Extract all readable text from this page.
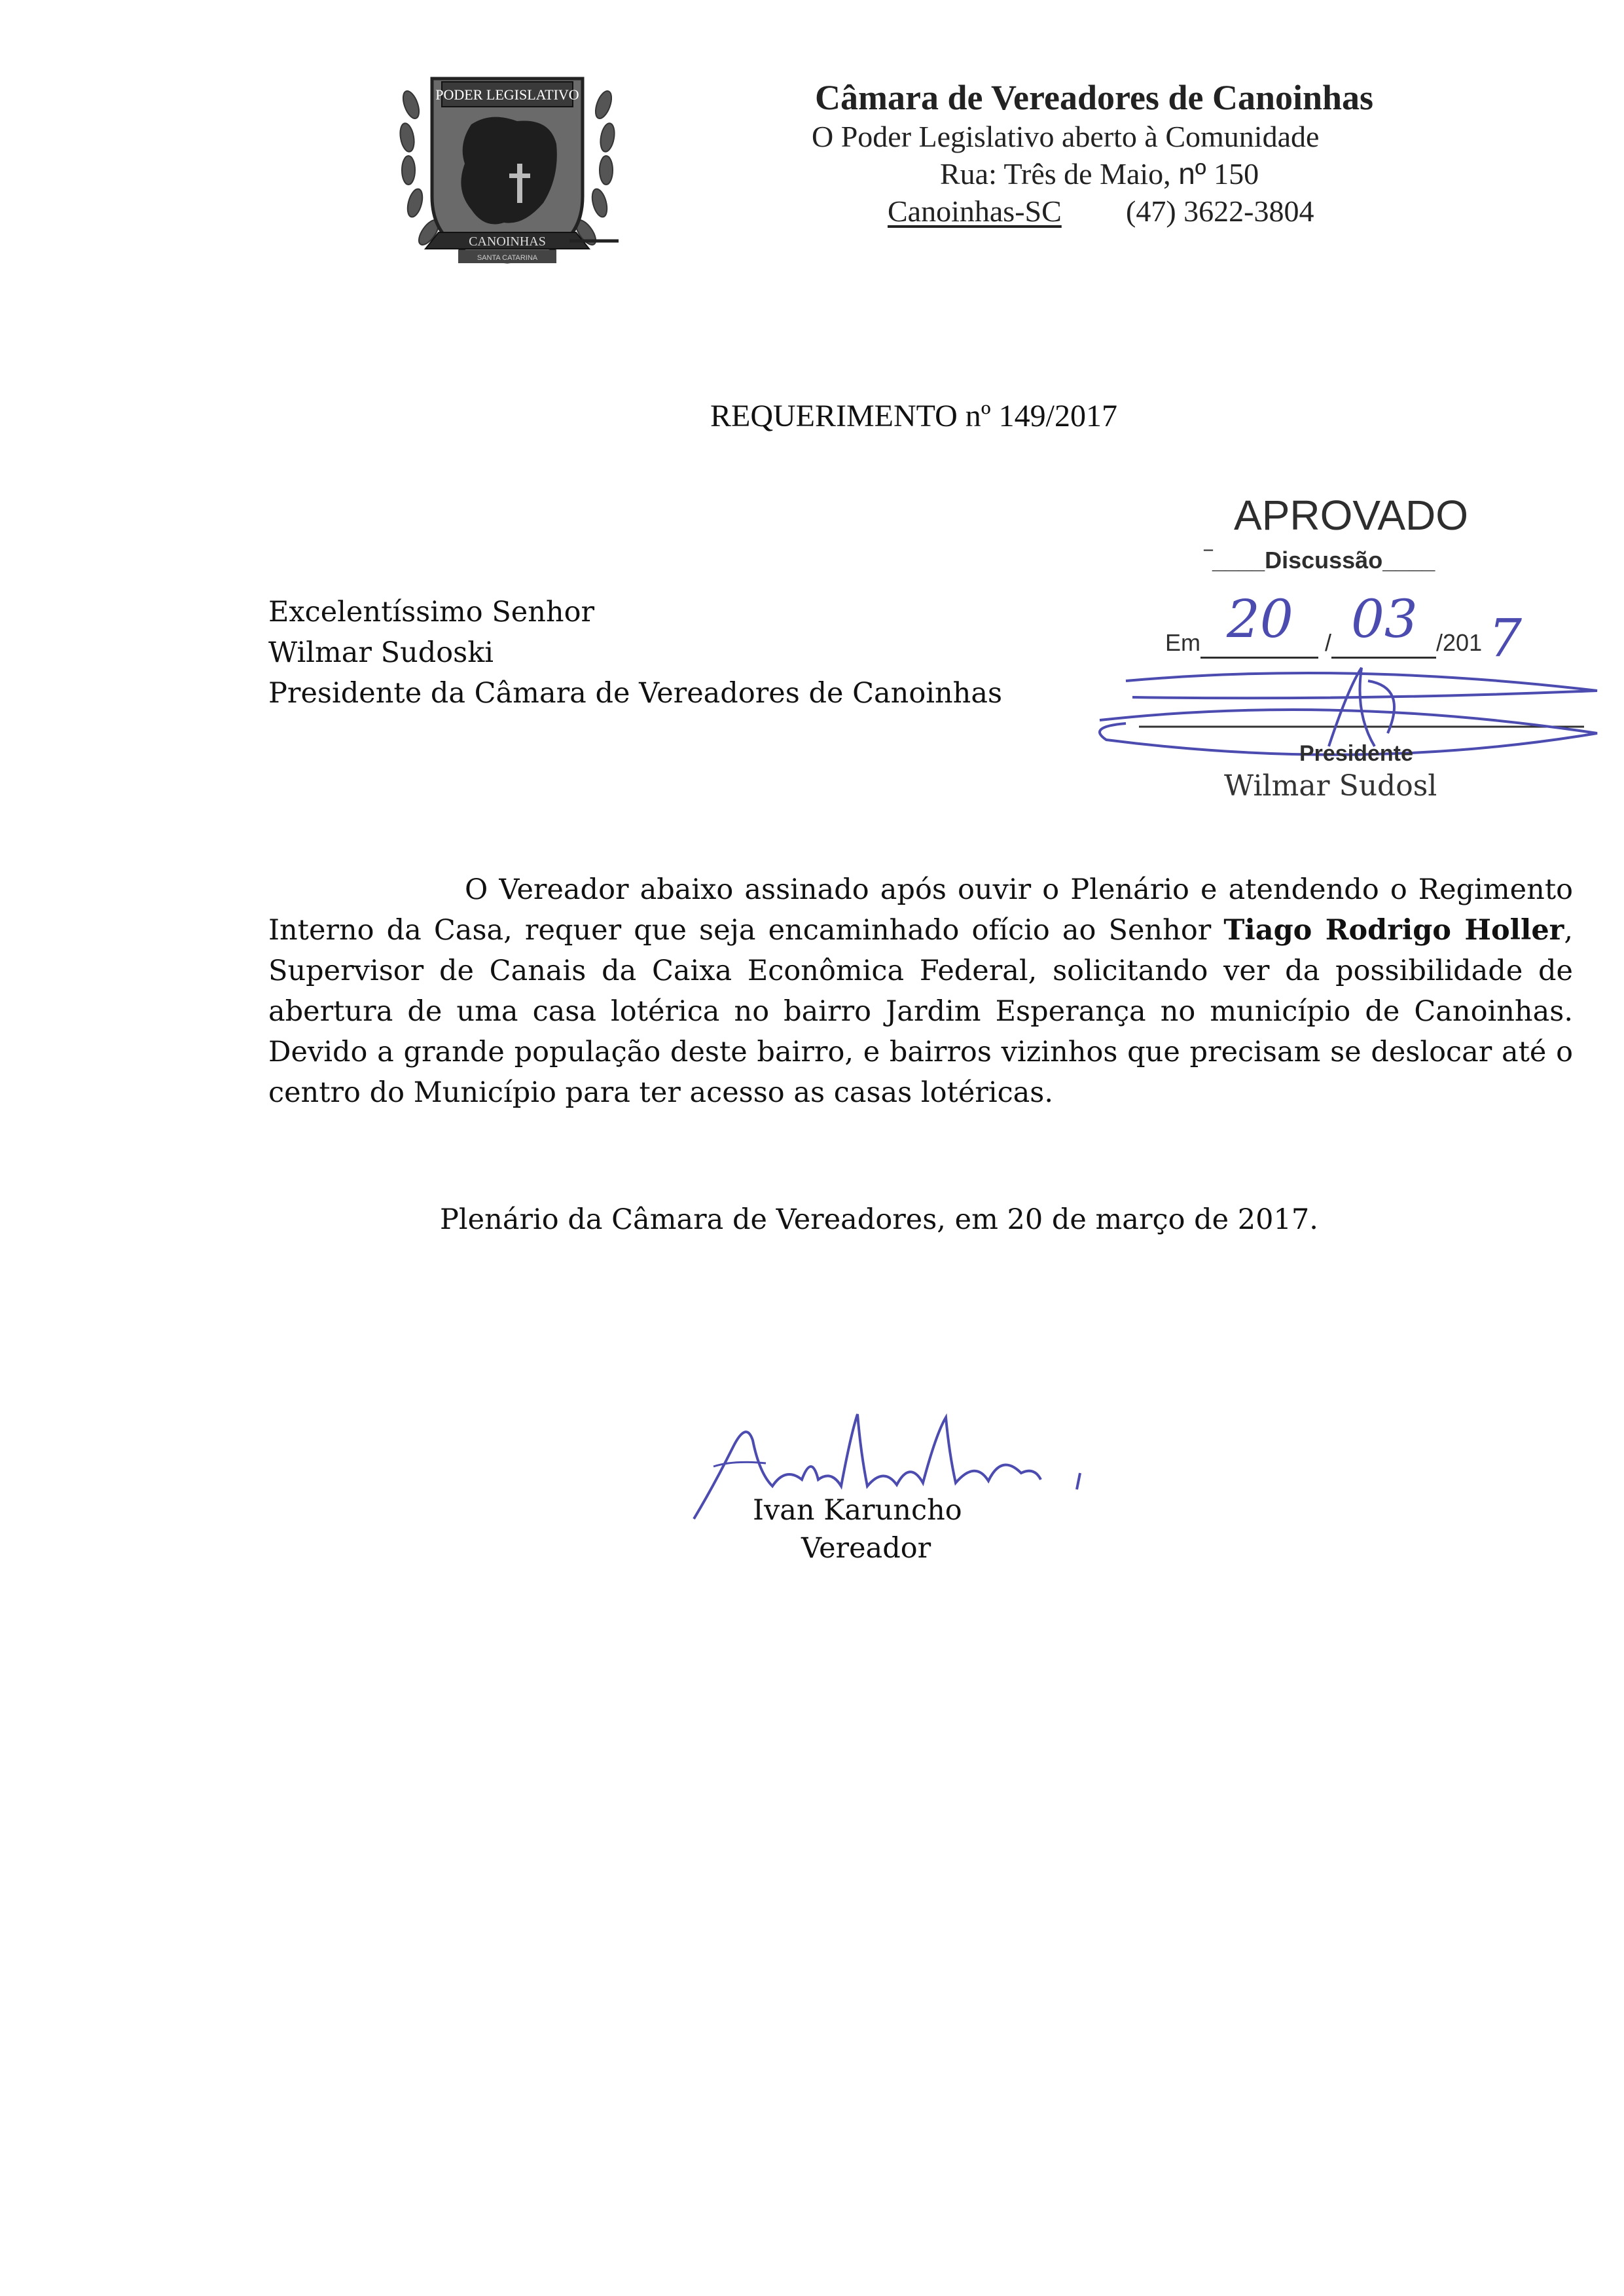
PODER LEGISLATIVO
CANOINHAS
SANTA CATARINA
Câmara de Vereadores de Canoinhas
O Poder Legislativo aberto à Comunidade
Rua: Três de Maio, nº 150
Canoinhas-SC (47) 3622-3804
REQUERIMENTO nº 149/2017
APROVADO
‾____Discussão____
Em 20 / 03 /201 7
Presidente
Wilmar Sudosl
Excelentíssimo Senhor
Wilmar Sudoski
Presidente da Câmara de Vereadores de Canoinhas
O Vereador abaixo assinado após ouvir o Plenário e atendendo o Regimento Interno da Casa, requer que seja encaminhado ofício ao Senhor Tiago Rodrigo Holler, Supervisor de Canais da Caixa Econômica Federal, solicitando ver da possibilidade de abertura de uma casa lotérica no bairro Jardim Esperança no município de Canoinhas. Devido a grande população deste bairro, e bairros vizinhos que precisam se deslocar até o centro do Município para ter acesso as casas lotéricas.
Plenário da Câmara de Vereadores, em 20 de março de 2017.
Ivan Karuncho
Vereador
